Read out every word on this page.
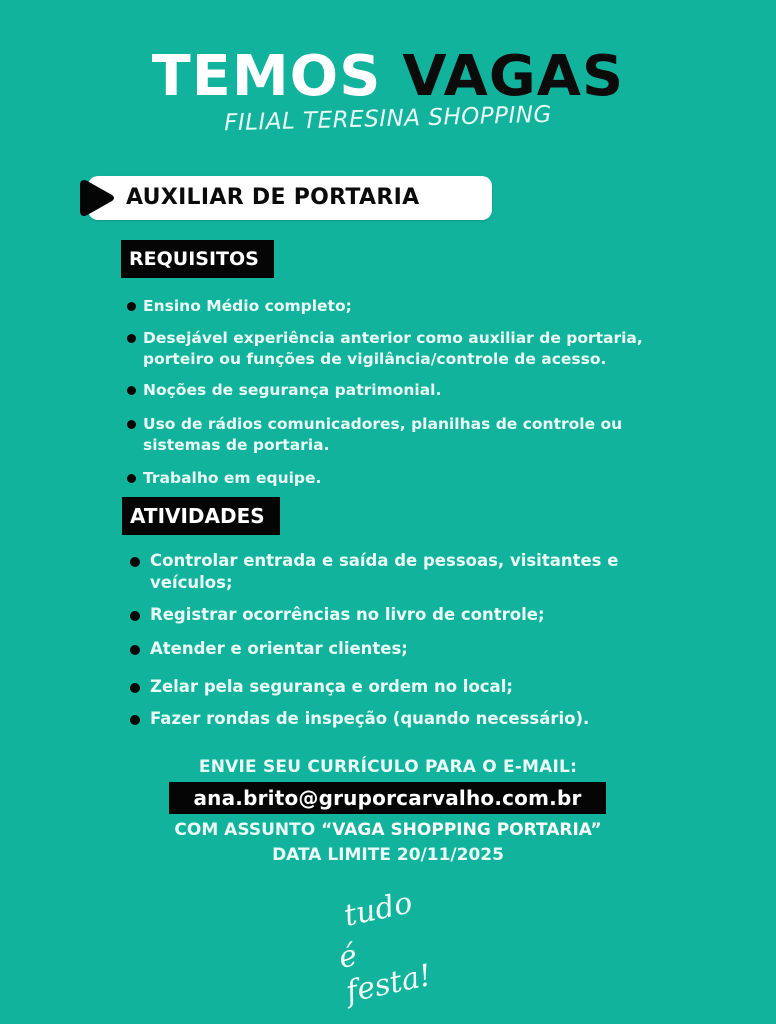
TEMOS VAGAS
FILIAL TERESINA SHOPPING
AUXILIAR DE PORTARIA
REQUISITOS
Ensino Médio completo;
Desejável experiência anterior como auxiliar de portaria, porteiro ou funções de vigilância/controle de acesso.
Noções de segurança patrimonial.
Uso de rádios comunicadores, planilhas de controle ou sistemas de portaria.
Trabalho em equipe.
ATIVIDADES
Controlar entrada e saída de pessoas, visitantes e veículos;
Registrar ocorrências no livro de controle;
Atender e orientar clientes;
Zelar pela segurança e ordem no local;
Fazer rondas de inspeção (quando necessário).
ENVIE SEU CURRÍCULO PARA O E-MAIL:
ana.brito@gruporcarvalho.com.br
COM ASSUNTO “VAGA SHOPPING PORTARIA”
DATA LIMITE 20/11/2025
tudo
é festa!
